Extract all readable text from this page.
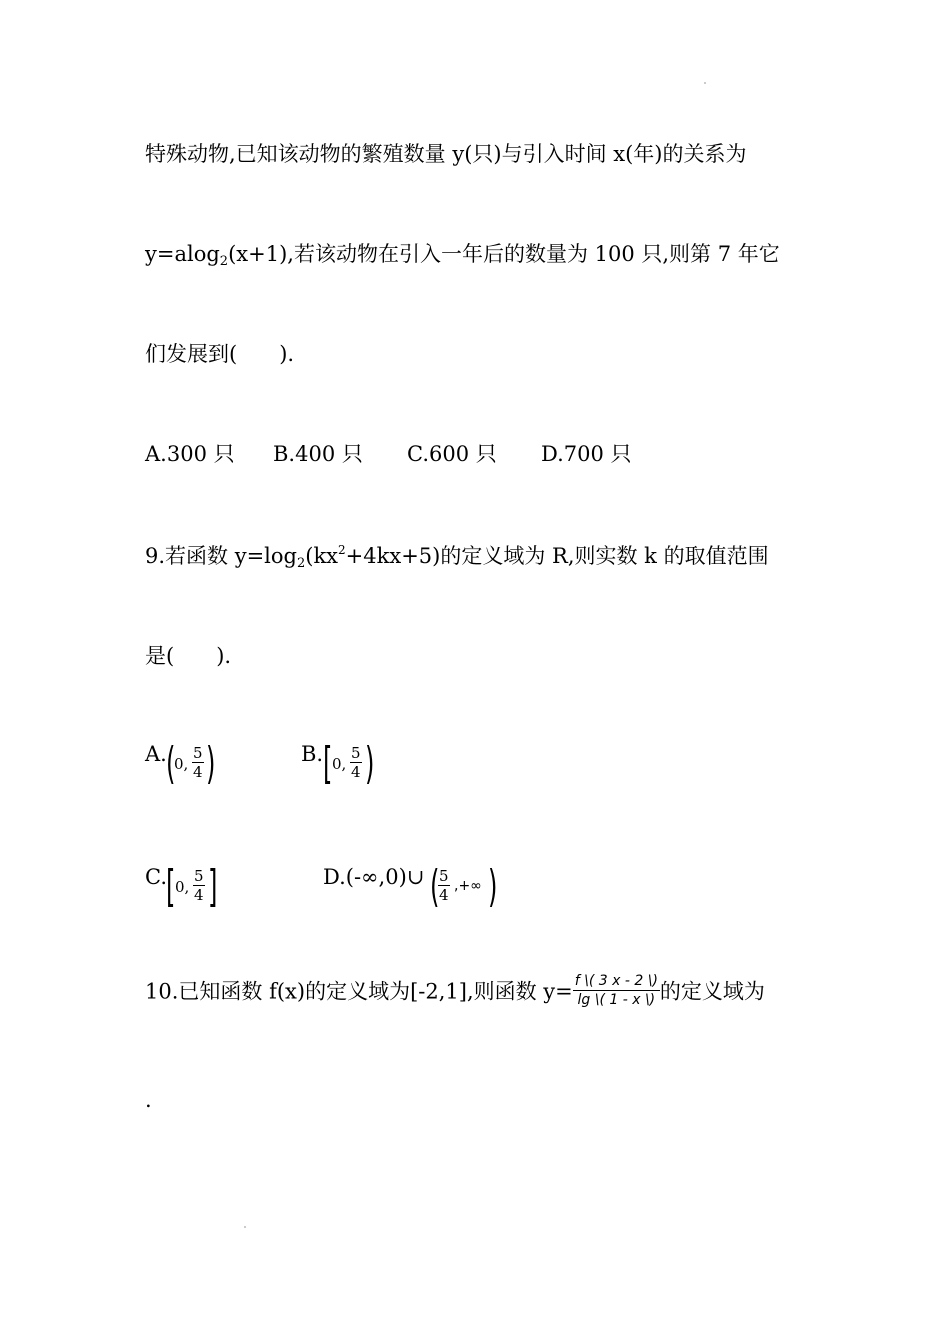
特殊动物,已知该动物的繁殖数量 y(只)与引入时间 x(年)的关系为
y=alog$_2$(x+1),若该动物在引入一年后的数量为 100 只,则第 7 年它
们发展到(　　).
A.300 只 B.400 只 C.600 只 D.700 只
9.若函数 $y=\log_2(kx^2+4kx+5)$的定义域为 R,则实数 k 的取值范围
是(　　).
A. (
0, $\frac{5}{4}$ )	B. [ 0, $\frac{5}{4}$ )
C. [ 0, $\frac{5}{4}$ ]	D.(-∞,0)∪ (
$\frac{5}{4}$ ,+∞ )
10.已知函数 f(x)的定义域为[-2,1],则函数 $y= \frac{f \backslash( 3 x - 2 \backslash)}{\lg \backslash( 1 - x \backslash)}$ 的定义域为
.
